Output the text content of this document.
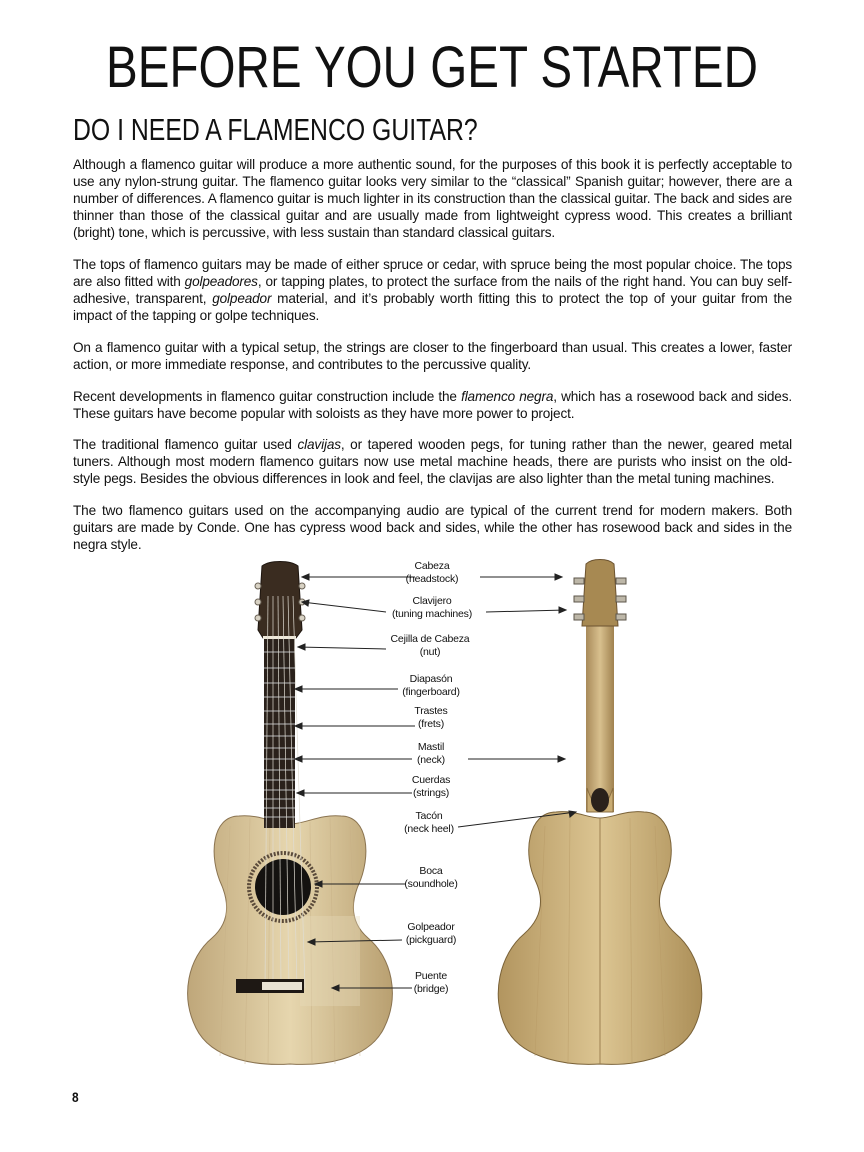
BEFORE YOU GET STARTED
DO I NEED A FLAMENCO GUITAR?

Although a flamenco guitar will produce a more authentic sound, for the purposes of this book it is perfectly acceptable to use any nylon-strung guitar. The flamenco guitar looks very similar to the “classical” Spanish guitar; however, there are a number of differences. A flamenco guitar is much lighter in its construction than the classical guitar. The back and sides are thinner than those of the classical guitar and are usually made from lightweight cypress wood. This creates a brilliant (bright) tone, which is percussive, with less sustain than standard classical guitars.

The tops of flamenco guitars may be made of either spruce or cedar, with spruce being the most popular choice. The tops are also fitted with golpeadores, or tapping plates, to protect the surface from the nails of the right hand. You can buy self-adhesive, transparent, golpeador material, and it’s probably worth fitting this to protect the top of your guitar from the impact of the tapping or golpe techniques.

On a flamenco guitar with a typical setup, the strings are closer to the fingerboard than usual. This creates a lower, faster action, or more immediate response, and contributes to the percussive quality.

Recent developments in flamenco guitar construction include the flamenco negra, which has a rosewood back and sides. These guitars have become popular with soloists as they have more power to project.

The traditional flamenco guitar used clavijas, or tapered wooden pegs, for tuning rather than the newer, geared metal tuners. Although most modern flamenco guitars now use metal machine heads, there are purists who insist on the old-style pegs. Besides the obvious differences in look and feel, the clavijas are also lighter than the metal tuning machines.

The two flamenco guitars used on the accompanying audio are typical of the current trend for modern makers. Both guitars are made by Conde. One has cypress wood back and sides, while the other has rosewood back and sides in the negra style.

Cabeza
(headstock)
Clavijero
(tuning machines)
Cejilla de Cabeza
(nut)
Diapasón
(fingerboard)
Trastes
(frets)
Mastil
(neck)
Cuerdas
(strings)
Tacón
(neck heel)
Boca
(soundhole)
Golpeador
(pickguard)
Puente
(bridge)
8
